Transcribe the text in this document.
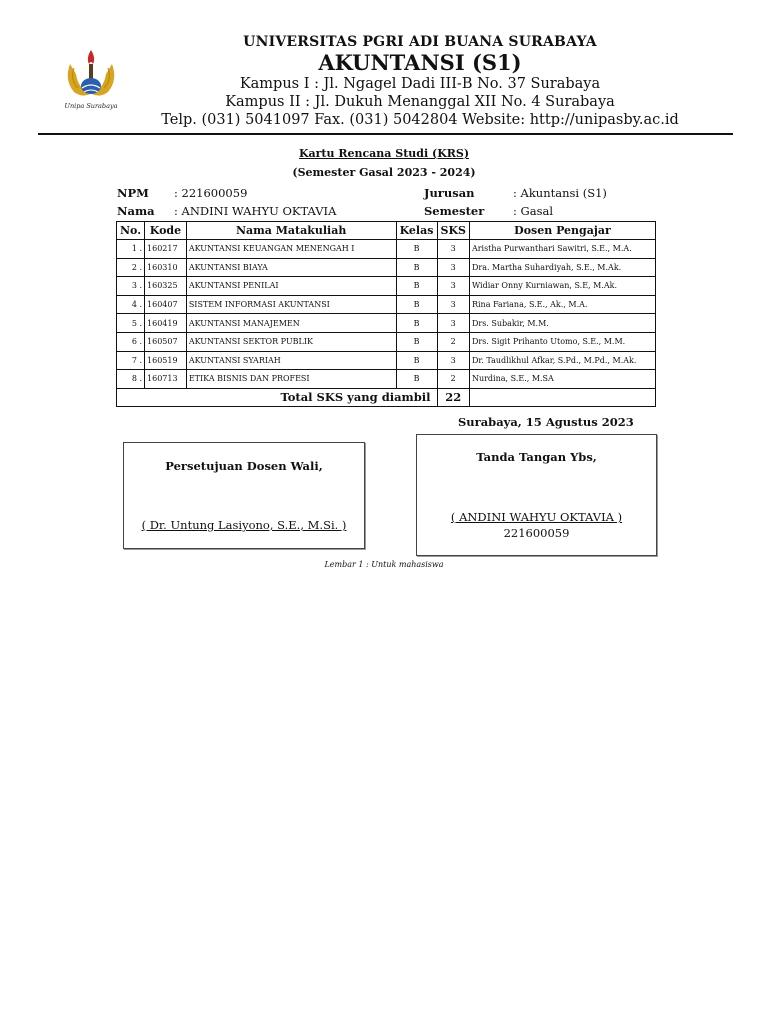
Unipa Surabaya
UNIVERSITAS PGRI ADI BUANA SURABAYA
AKUNTANSI (S1)
Kampus I : Jl. Ngagel Dadi III-B No. 37 Surabaya
Kampus II : Jl. Dukuh Menanggal XII No. 4 Surabaya
Telp. (031) 5041097 Fax. (031) 5042804 Website: http://unipasby.ac.id
Kartu Rencana Studi (KRS)
(Semester Gasal 2023 - 2024)
NPM : 221600059
Nama : ANDINI WAHYU OKTAVIA
Jurusan	: Akuntansi (S1)
Semester : Gasal
No.	Kode	Nama Matakuliah	Kelas	SKS	Dosen Pengajar
1 .	160217	AKUNTANSI KEUANGAN MENENGAH I	B	3	Aristha Purwanthari Sawitri, S.E., M.A.
2 .	160310	AKUNTANSI BIAYA	B	3	Dra. Martha Suhardiyah, S.E., M.Ak.
3 .	160325	AKUNTANSI PENILAI	B	3	Widiar Onny Kurniawan, S.E, M.Ak.
4 .	160407	SISTEM INFORMASI AKUNTANSI	B	3	Rina Fariana, S.E., Ak., M.A.
5 .	160419	AKUNTANSI MANAJEMEN	B	3	Drs. Subakir, M.M.
6 .	160507	AKUNTANSI SEKTOR PUBLIK	B	2	Drs. Sigit Prihanto Utomo, S.E., M.M.
7 .	160519	AKUNTANSI SYARIAH	B	3	Dr. Taudlikhul Afkar, S.Pd., M.Pd., M.Ak.
8 .	160713	ETIKA BISNIS DAN PROFESI	B	2	Nurdina, S.E., M.SA
Total SKS yang diambil				22	
Surabaya, 15 Agustus 2023
Persetujuan Dosen Wali,
( Dr. Untung Lasiyono, S.E., M.Si. )
Tanda Tangan Ybs,
( ANDINI WAHYU OKTAVIA )
221600059
Lembar 1 : Untuk mahasiswa
